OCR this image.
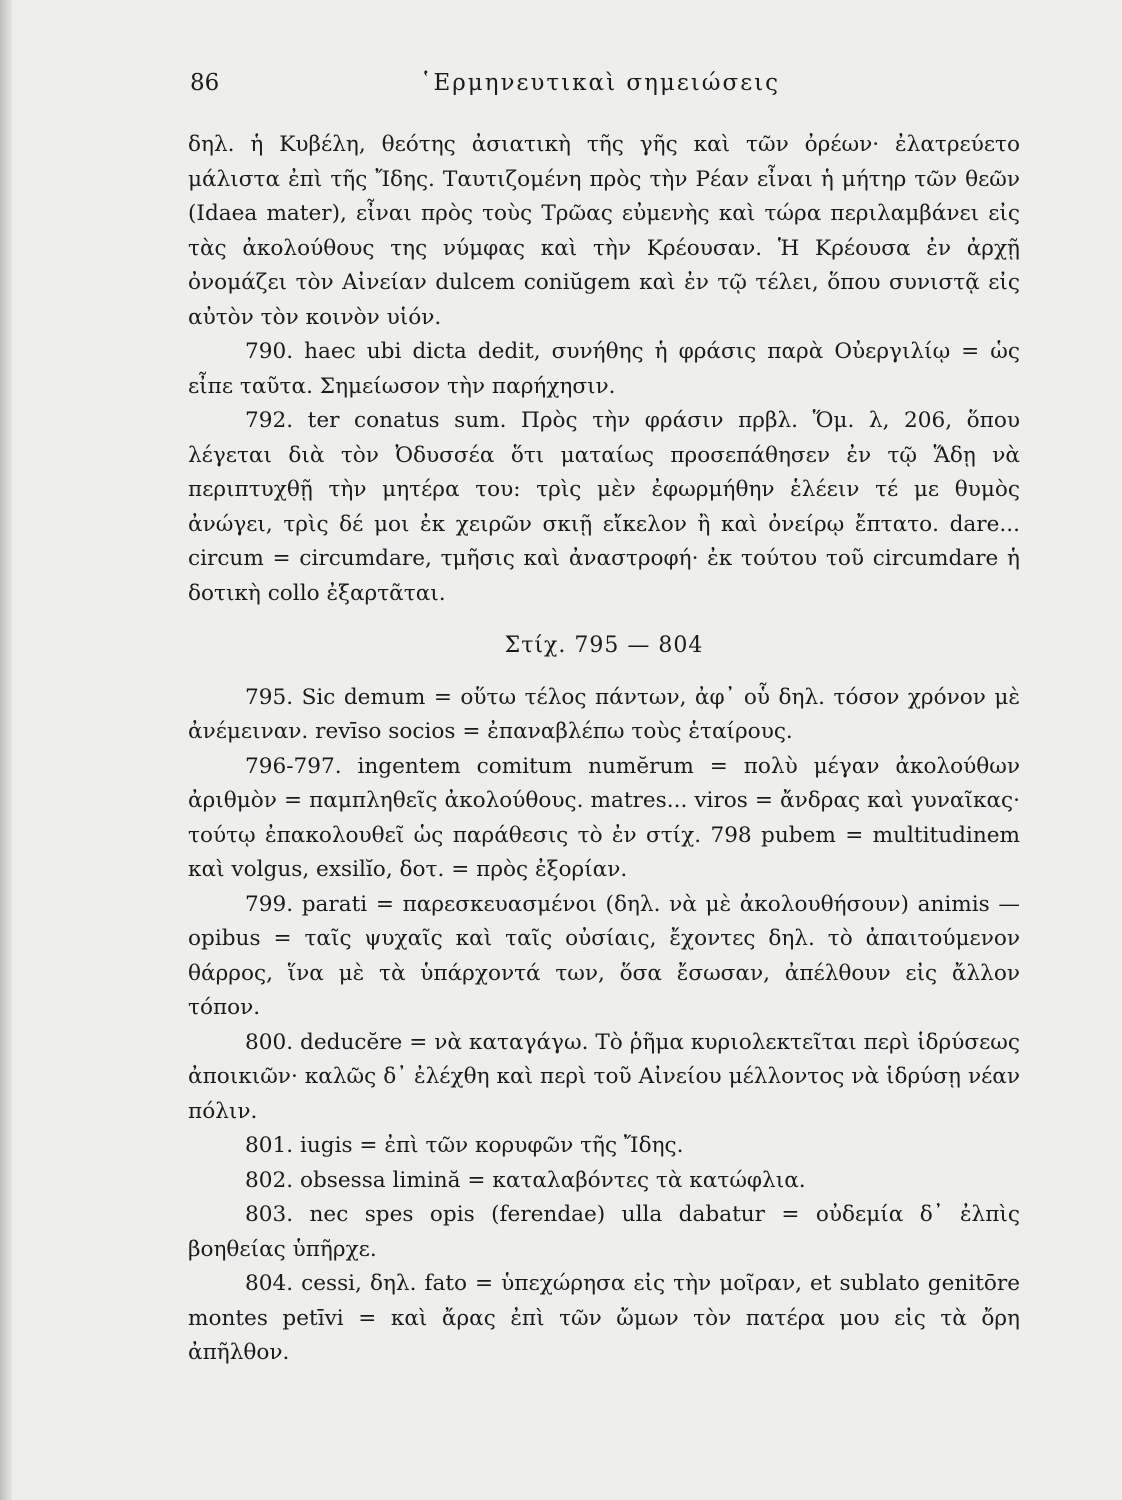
86	῾Ερμηνευτικαὶ σημειώσεις

δηλ. ἡ Κυβέλη, θεότης ἀσιατικὴ τῆς γῆς καὶ τῶν ὀρέων· ἐλατρεύετο μάλιστα ἐπὶ τῆς Ἴδης. Ταυτιζομένη πρὸς τὴν Ρέαν εἶναι ἡ μήτηρ τῶν θεῶν (Idaea mater), εἶναι πρὸς τοὺς Τρῶας εὐμενὴς καὶ τώρα περιλαμβάνει εἰς τὰς ἀκολούθους της νύμφας καὶ τὴν Κρέουσαν. Ἡ Κρέουσα ἐν ἀρχῇ ὀνομάζει τὸν Αἰνείαν dulcem coniŭgem καὶ ἐν τῷ τέλει, ὅπου συνιστᾷ εἰς αὐτὸν τὸν κοινὸν υἱόν.

790. haec ubi dicta dedit, συνήθης ἡ φράσις παρὰ Οὐεργιλίῳ = ὡς εἶπε ταῦτα. Σημείωσον τὴν παρήχησιν.

792. ter conatus sum. Πρὸς τὴν φράσιν πρβλ. Ὅμ. λ, 206, ὅπου λέγεται διὰ τὸν Ὀδυσσέα ὅτι ματαίως προσεπάθησεν ἐν τῷ Ἅδῃ νὰ περιπτυχθῇ τὴν μητέρα του: τρὶς μὲν ἐφωρμήθην ἑλέειν τέ με θυμὸς ἀνώγει, τρὶς δέ μοι ἐκ χειρῶν σκιῇ εἴκελον ἢ καὶ ὀνείρῳ ἔπτατο. dare... circum = circumdare, τμῆσις καὶ ἀναστροφή· ἐκ τούτου τοῦ circumdare ἡ δοτικὴ collo ἐξαρτᾶται.

Στίχ. 795 — 804

795. Sic demum = οὕτω τέλος πάντων, ἀφ᾽ οὗ δηλ. τόσον χρόνον μὲ ἀνέμειναν. revīso socios = ἐπαναβλέπω τοὺς ἑταίρους.

796-797. ingentem comitum numĕrum = πολὺ μέγαν ἀκολούθων ἀριθμὸν = παμπληθεῖς ἀκολούθους. matres... viros = ἄνδρας καὶ γυναῖκας· τούτῳ ἐπακολουθεῖ ὡς παράθεσις τὸ ἐν στίχ. 798 pubem = multitudinem καὶ volgus, exsilĭo, δοτ. = πρὸς ἐξορίαν.

799. parati = παρεσκευασμένοι (δηλ. νὰ μὲ ἀκολουθήσουν) animis — opibus = ταῖς ψυχαῖς καὶ ταῖς οὐσίαις, ἔχοντες δηλ. τὸ ἀπαιτούμενον θάρρος, ἵνα μὲ τὰ ὑπάρχοντά των, ὅσα ἔσωσαν, ἀπέλθουν εἰς ἄλλον τόπον.

800. deducĕre = νὰ καταγάγω. Τὸ ῥῆμα κυριολεκτεῖται περὶ ἱδρύσεως ἀποικιῶν· καλῶς δ᾽ ἐλέχθη καὶ περὶ τοῦ Αἰνείου μέλλοντος νὰ ἱδρύσῃ νέαν πόλιν.

801. iugis = ἐπὶ τῶν κορυφῶν τῆς Ἴδης.

802. obsessa limină = καταλαβόντες τὰ κατώφλια.

803. nec spes opis (ferendae) ulla dabatur = οὐδεμία δ᾽ ἐλπὶς βοηθείας ὑπῆρχε.

804. cessi, δηλ. fato = ὑπεχώρησα εἰς τὴν μοῖραν, et sublato genitōre montes petīvi = καὶ ἄρας ἐπὶ τῶν ὤμων τὸν πατέρα μου εἰς τὰ ὄρη ἀπῆλθον.
